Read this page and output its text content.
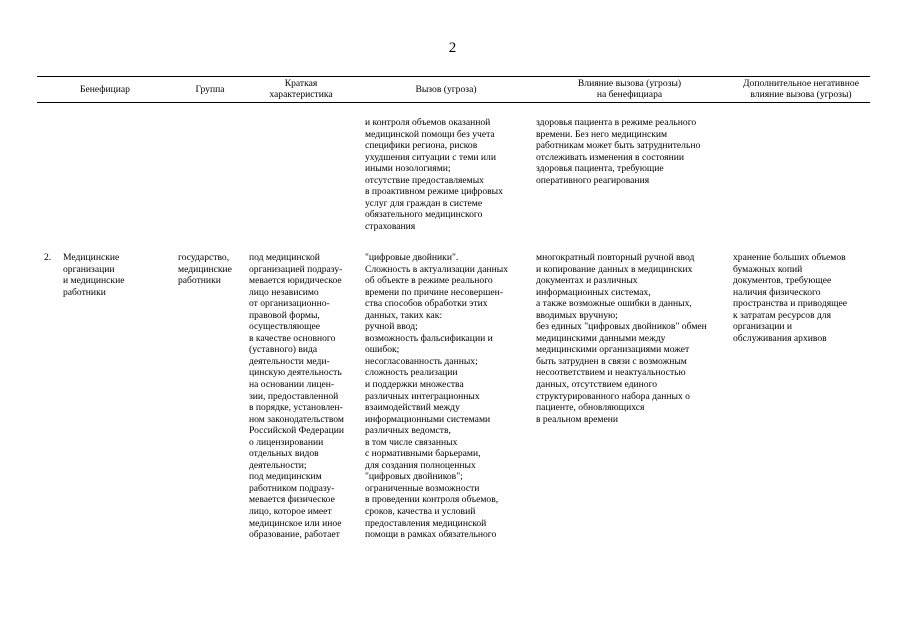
2
Бенефициар	Группа
Краткая
характеристика	Вызов (угроза)
Влияние вызова (угрозы)
на бенефициара
Дополнительное негативное
влияние вызова (угрозы)
и контроля объемов оказанной
медицинской помощи без учета
специфики региона, рисков
ухудшения ситуации с теми или
иными нозологиями;
отсутствие предоставляемых
в проактивном режиме цифровых
услуг для граждан в системе
обязательного медицинского
страхования
здоровья пациента в режиме реального
времени. Без него медицинским
работникам может быть затруднительно
отслеживать изменения в состоянии
здоровья пациента, требующие
оперативного реагирования
2. Медицинские
организации
и медицинские
работники
государство,
медицинские
работники
под медицинской
организацией подразу-
мевается юридическое
лицо независимо
от организационно-
правовой формы,
осуществляющее
в качестве основного
(уставного) вида
деятельности меди-
цинскую деятельность
на основании лицен-
зии, предоставленной
в порядке, установлен-
ном законодательством
Российской Федерации
о лицензировании
отдельных видов
деятельности;
под медицинским
работником подразу-
мевается физическое
лицо, которое имеет
медицинское или иное
образование, работает
"цифровые двойники".
Сложность в актуализации данных
об объекте в режиме реального
времени по причине несовершен-
ства способов обработки этих
данных, таких как:
ручной ввод;
возможность фальсификации и
ошибок;
несогласованность данных;
сложность реализации
и поддержки множества
различных интеграционных
взаимодействий между
информационными системами
различных ведомств,
в том числе связанных
с нормативными барьерами,
для создания полноценных
"цифровых двойников";
ограниченные возможности
в проведении контроля объемов,
сроков, качества и условий
предоставления медицинской
помощи в рамках обязательного
многократный повторный ручной ввод
и копирование данных в медицинских
документах и различных
информационных системах,
а также возможные ошибки в данных,
вводимых вручную;
без единых "цифровых двойников" обмен
медицинскими данными между
медицинскими организациями может
быть затруднен в связи с возможным
несоответствием и неактуальностью
данных, отсутствием единого
структурированного набора данных о
пациенте, обновляющихся
в реальном времени
хранение больших объемов
бумажных копий
документов, требующее
наличия физического
пространства и приводящее
к затратам ресурсов для
организации и
обслуживания архивов
